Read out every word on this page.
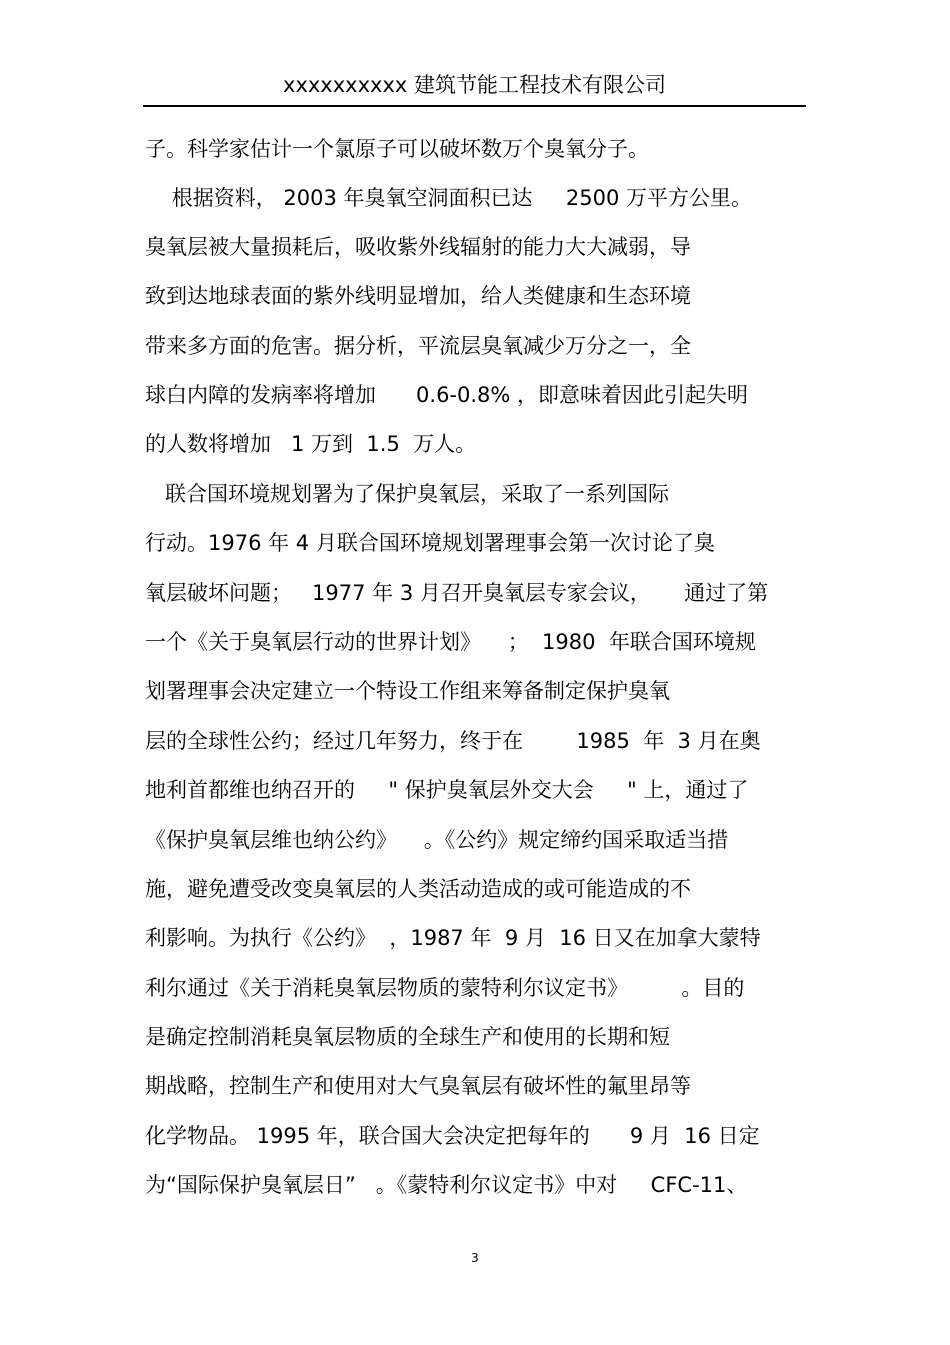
xxxxxxxxxx 建筑节能工程技术有限公司
子。科学家估计一个氯原子可以破坏数万个臭氧分子。
根据资料， 2003 年臭氧空洞面积已达     2500 万平方公里。
臭氧层被大量损耗后，吸收紫外线辐射的能力大大减弱，导
致到达地球表面的紫外线明显增加，给人类健康和生态环境
带来多方面的危害。据分析，平流层臭氧减少万分之一，全
球白内障的发病率将增加      0.6-0.8% ，即意味着因此引起失明
的人数将增加   1 万到  1.5  万人。
联合国环境规划署为了保护臭氧层，采取了一系列国际
行动。1976 年 4 月联合国环境规划署理事会第一次讨论了臭
氧层破坏问题；   1977 年 3 月召开臭氧层专家会议，     通过了第
一个《关于臭氧层行动的世界计划》    ；  1980  年联合国环境规
划署理事会决定建立一个特设工作组来筹备制定保护臭氧
层的全球性公约；经过几年努力，终于在        1985  年  3 月在奥
地利首都维也纳召开的     " 保护臭氧层外交大会     " 上，通过了
《保护臭氧层维也纳公约》    。《公约》规定缔约国采取适当措
施，避免遭受改变臭氧层的人类活动造成的或可能造成的不
利影响。为执行《公约》  ，1987 年  9 月  16 日又在加拿大蒙特
利尔通过《关于消耗臭氧层物质的蒙特利尔议定书》        。目的
是确定控制消耗臭氧层物质的全球生产和使用的长期和短
期战略，控制生产和使用对大气臭氧层有破坏性的氟里昂等
化学物品。 1995 年，联合国大会决定把每年的      9 月  16 日定
为“国际保护臭氧层日”   。《蒙特利尔议定书》中对     CFC-11、
3
